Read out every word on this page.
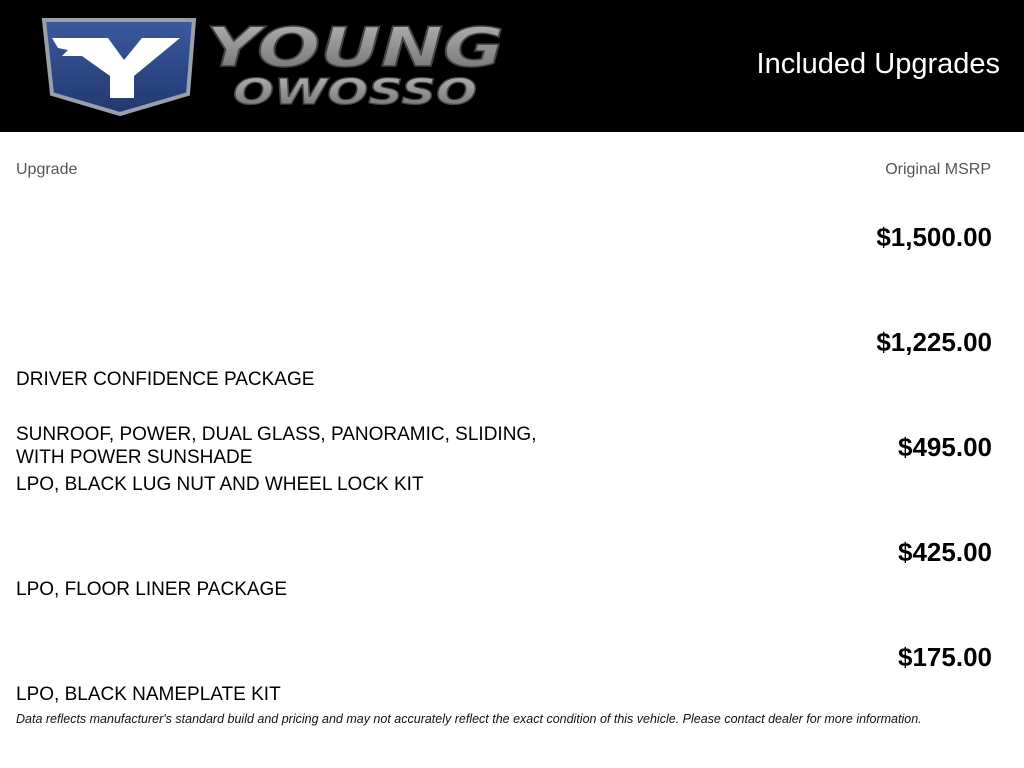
YOUNG
OWOSSO
Included Upgrades
Upgrade	Original MSRP
SUNROOF, POWER, DUAL GLASS, PANORAMIC, SLIDING, WITH POWER SUNSHADE
$1,500.00
DRIVER CONFIDENCE PACKAGE
$1,225.00
LPO, BLACK LUG NUT AND WHEEL LOCK KIT
$495.00
LPO, FLOOR LINER PACKAGE
$425.00
LPO, BLACK NAMEPLATE KIT
$175.00
Data reflects manufacturer's standard build and pricing and may not accurately reflect the exact condition of this vehicle. Please contact dealer for more information.
